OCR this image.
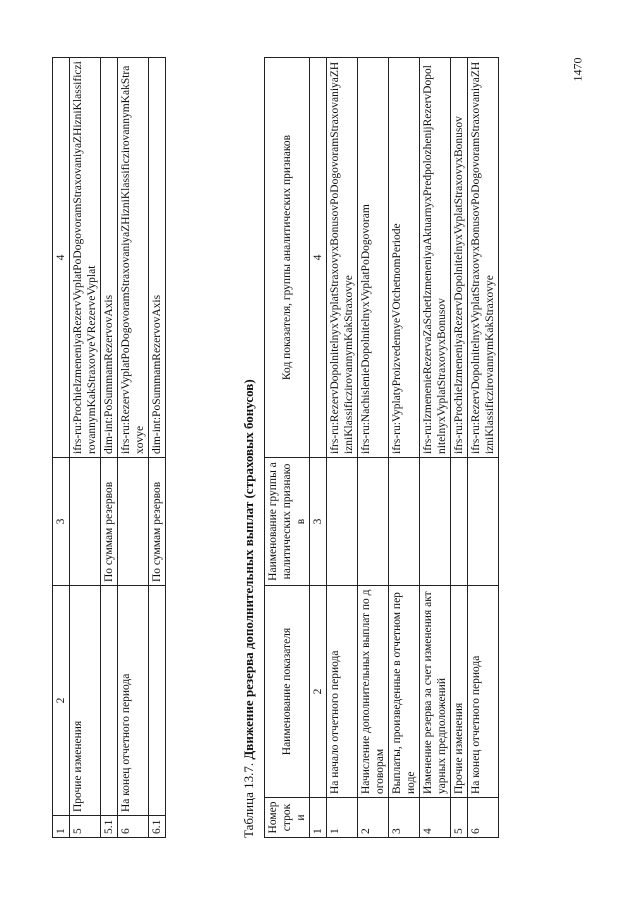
1470
1	2	3	4
5	Прочие изменения		ifrs-ru:ProchieIzmeneniyaRezervVyplatPoDogovoramStraxovaniyaZHizniKlassificzirovannymKakStraxovyeVRezerveVyplat
5.1		По суммам резервов	dim-int:PoSummamRezervovAxis
6	На конец отчетного периода		ifrs-ru:RezervVyplatPoDogovoramStraxovaniyaZHizniKlassificzirovannymKakStraxovye
6.1		По суммам резервов	dim-int:PoSummamRezervovAxis
Таблица 13.7. Движение резерва дополнительных выплат (страховых бонусов)
Номер строки	Наименование показателя	Наименование группы аналитических признаков	Код показателя, группы аналитических признаков
1	2	3	4
1	На начало отчетного периода		ifrs-ru:RezervDopolnitelnyxVyplatStraxovyxBonusovPoDogovoramStraxovaniyaZHizniKlassificzirovannymKakStraxovye
2	Начисление дополнительных выплат по договорам		ifrs-ru:NachislenieDopolnitelnyxVyplatPoDogovoram
3	Выплаты, произведенные в отчетном периоде		ifrs-ru:VyplatyProizvedennyeVOtchetnomPeriode
4	Изменение резерва за счет изменения актуарных предположений		ifrs-ru:IzmenenieRezervaZaSchetIzmeneniyaAktuarnyxPredpolozhenijRezervDopolnitelnyxVyplatStraxovyxBonusov
5	Прочие изменения		ifrs-ru:ProchieIzmeneniyaRezervDopolnitelnyxVyplatStraxovyxBonusov
6	На конец отчетного периода		ifrs-ru:RezervDopolnitelnyxVyplatStraxovyxBonusovPoDogovoramStraxovaniyaZHizniKlassificzirovannymKakStraxovye
